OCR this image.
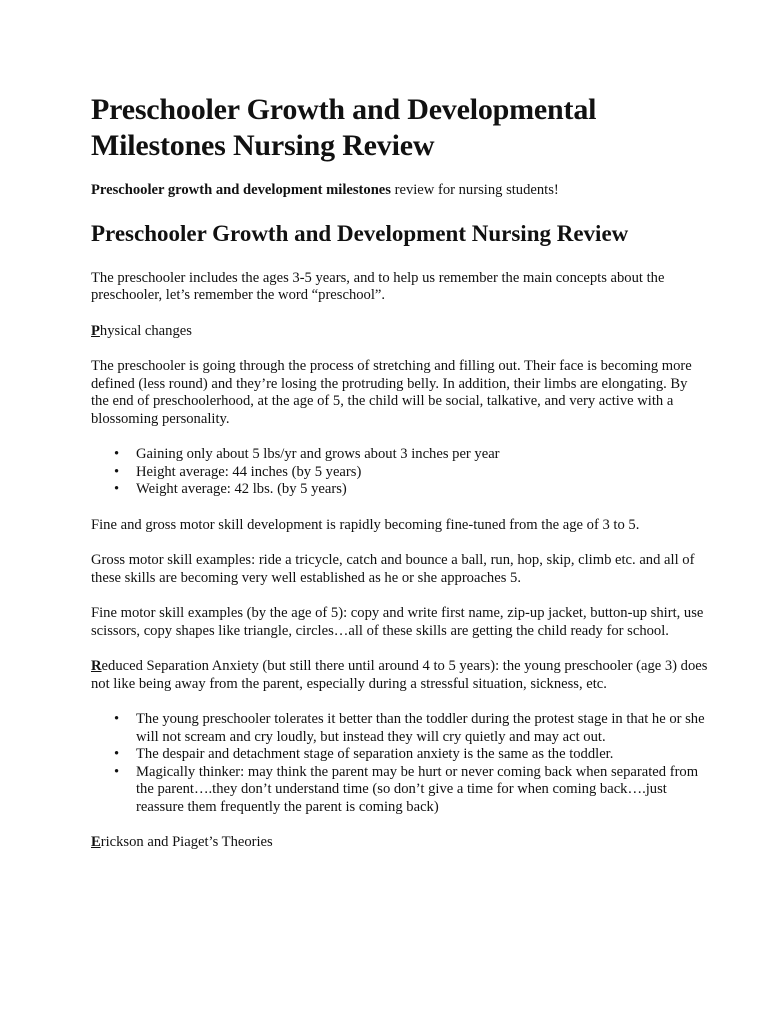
Preschooler Growth and Developmental Milestones Nursing Review

Preschooler growth and development milestones review for nursing students!

Preschooler Growth and Development Nursing Review

The preschooler includes the ages 3-5 years, and to help us remember the main concepts about the preschooler, let’s remember the word “preschool”.

Physical changes

The preschooler is going through the process of stretching and filling out. Their face is becoming more defined (less round) and they’re losing the protruding belly. In addition, their limbs are elongating. By the end of preschoolerhood, at the age of 5, the child will be social, talkative, and very active with a blossoming personality.

• Gaining only about 5 lbs/yr and grows about 3 inches per year
• Height average: 44 inches (by 5 years)
• Weight average: 42 lbs. (by 5 years)

Fine and gross motor skill development is rapidly becoming fine-tuned from the age of 3 to 5.

Gross motor skill examples: ride a tricycle, catch and bounce a ball, run, hop, skip, climb etc. and all of these skills are becoming very well established as he or she approaches 5.

Fine motor skill examples (by the age of 5): copy and write first name, zip-up jacket, button-up shirt, use scissors, copy shapes like triangle, circles…all of these skills are getting the child ready for school.

Reduced Separation Anxiety (but still there until around 4 to 5 years): the young preschooler (age 3) does not like being away from the parent, especially during a stressful situation, sickness, etc.

• The young preschooler tolerates it better than the toddler during the protest stage in that he or she will not scream and cry loudly, but instead they will cry quietly and may act out.
• The despair and detachment stage of separation anxiety is the same as the toddler.
• Magically thinker: may think the parent may be hurt or never coming back when separated from the parent….they don’t understand time (so don’t give a time for when coming back….just reassure them frequently the parent is coming back)

Erickson and Piaget’s Theories
